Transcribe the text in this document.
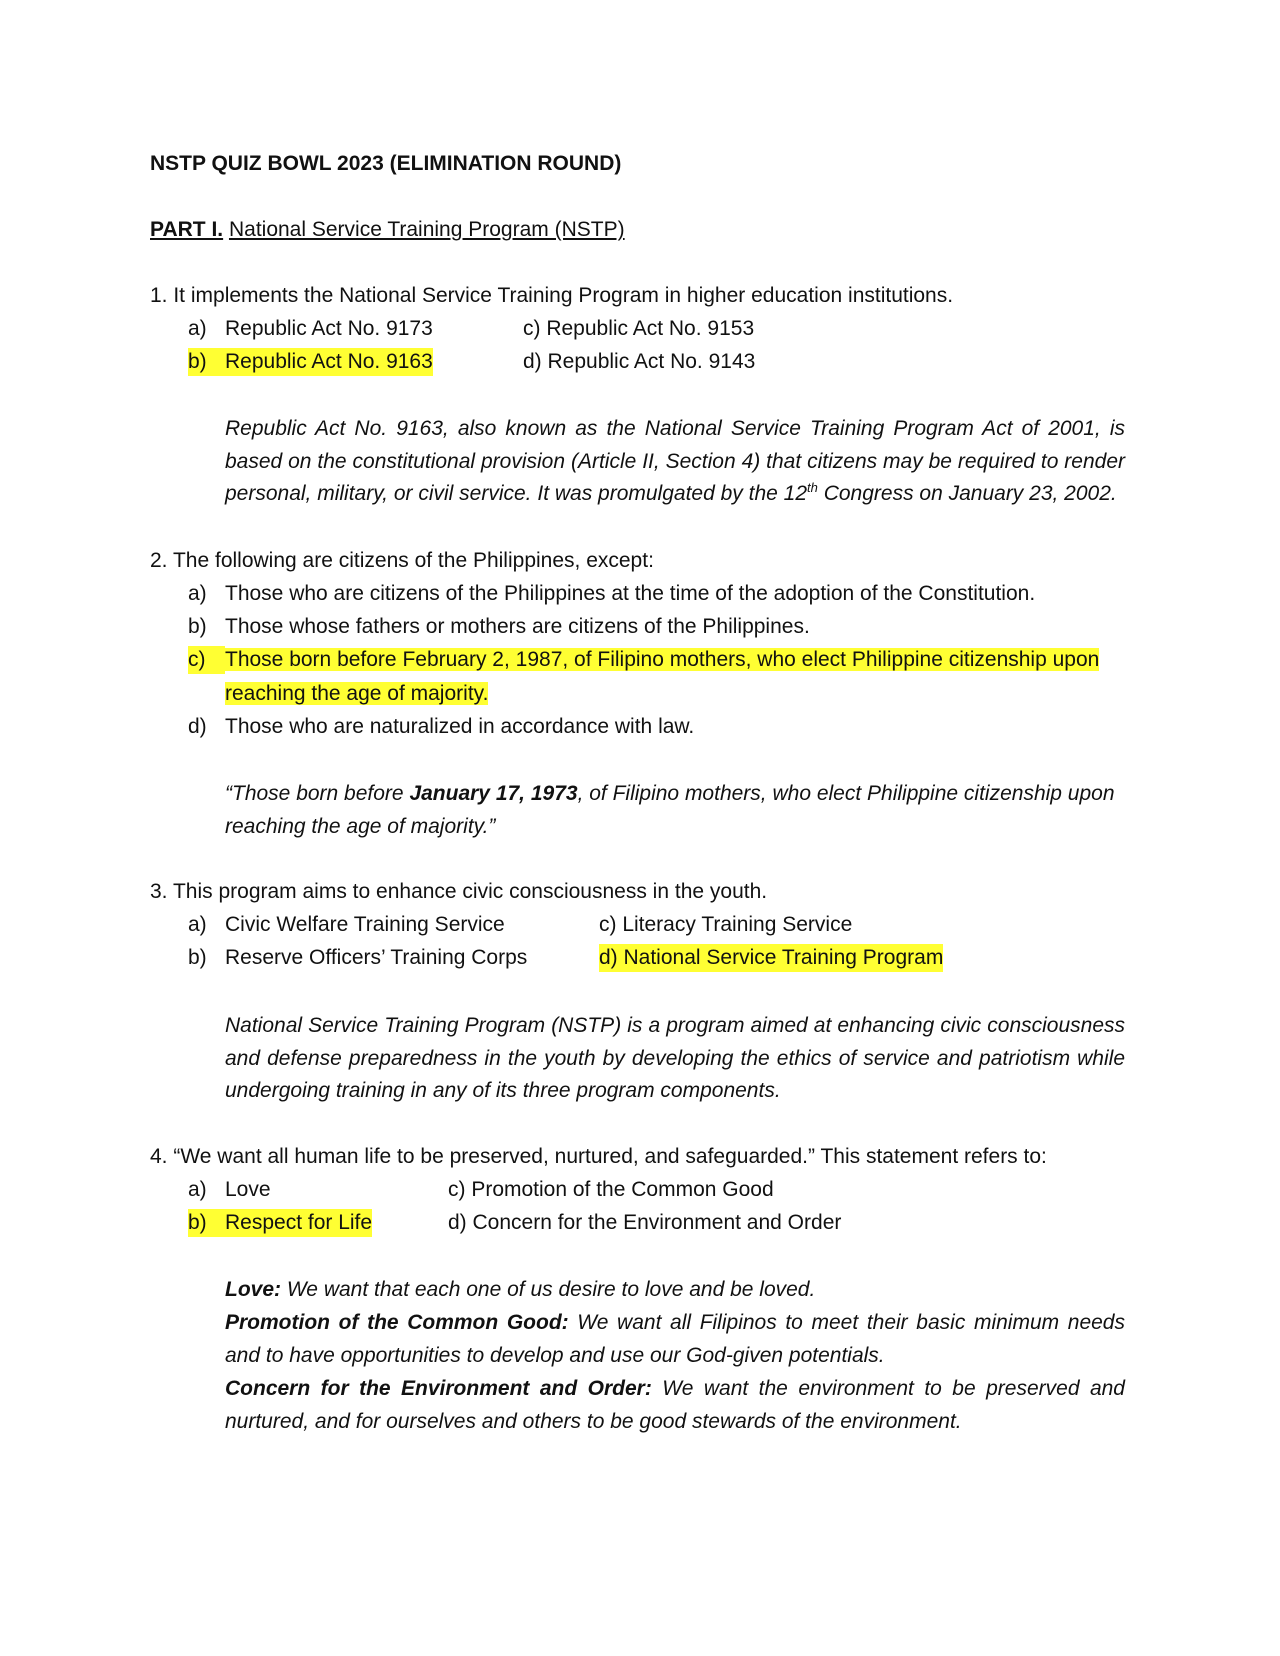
NSTP QUIZ BOWL 2023 (ELIMINATION ROUND)
PART I. National Service Training Program (NSTP)
1. It implements the National Service Training Program in higher education institutions.
a) Republic Act No. 9173	c) Republic Act No. 9153
b) Republic Act No. 9163	d) Republic Act No. 9143
Republic Act No. 9163, also known as the National Service Training Program Act of 2001, is based on the constitutional provision (Article II, Section 4) that citizens may be required to render personal, military, or civil service. It was promulgated by the 12th Congress on January 23, 2002.
2. The following are citizens of the Philippines, except:
a) Those who are citizens of the Philippines at the time of the adoption of the Constitution.
b) Those whose fathers or mothers are citizens of the Philippines.
c) Those born before February 2, 1987, of Filipino mothers, who elect Philippine citizenship upon
reaching the age of majority.
d) Those who are naturalized in accordance with law.
“Those born before January 17, 1973, of Filipino mothers, who elect Philippine citizenship upon reaching the age of majority.”
3. This program aims to enhance civic consciousness in the youth.
a) Civic Welfare Training Service	c) Literacy Training Service
b) Reserve Officers’ Training Corps	d) National Service Training Program
National Service Training Program (NSTP) is a program aimed at enhancing civic consciousness and defense preparedness in the youth by developing the ethics of service and patriotism while undergoing training in any of its three program components.
4. “We want all human life to be preserved, nurtured, and safeguarded.” This statement refers to:
a) Love	c) Promotion of the Common Good
b) Respect for Life	d) Concern for the Environment and Order
Love: We want that each one of us desire to love and be loved.
Promotion of the Common Good: We want all Filipinos to meet their basic minimum needs and to have opportunities to develop and use our God-given potentials.
Concern for the Environment and Order: We want the environment to be preserved and nurtured, and for ourselves and others to be good stewards of the environment.
